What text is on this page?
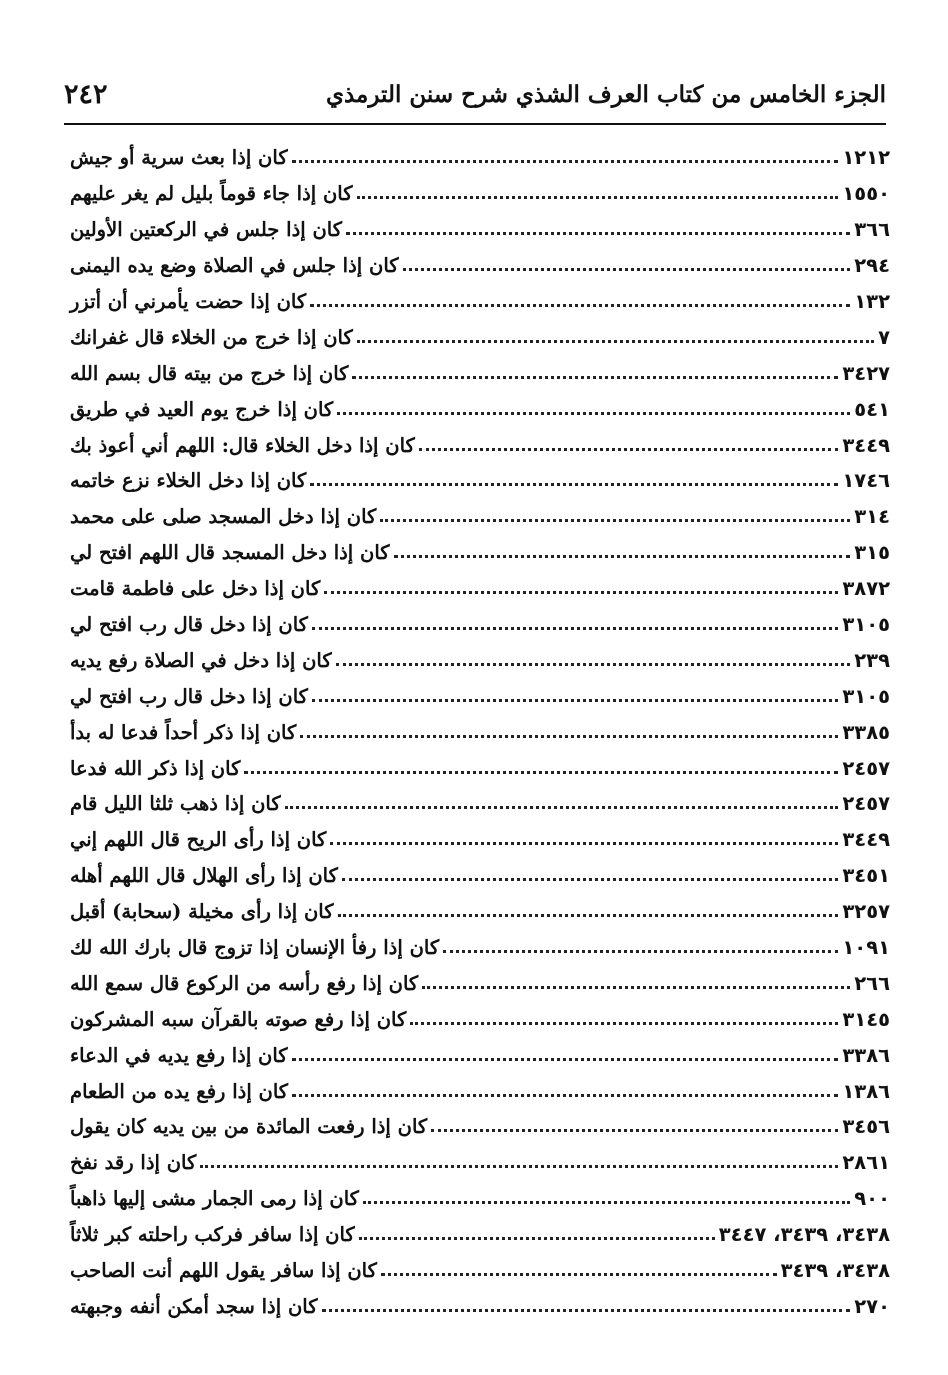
٢٤٢	الجزء الخامس من كتاب العرف الشذي شرح سنن الترمذي
كان إذا بعث سرية أو جيش	١٢١٢
كان إذا جاء قوماً بليل لم يغر عليهم	١٥٥٠
كان إذا جلس في الركعتين الأولين	٣٦٦
كان إذا جلس في الصلاة وضع يده اليمنى	٢٩٤
كان إذا حضت يأمرني أن أتزر	١٣٢
كان إذا خرج من الخلاء قال غفرانك	٧
كان إذا خرج من بيته قال بسم الله	٣٤٢٧
كان إذا خرج يوم العيد في طريق	٥٤١
كان إذا دخل الخلاء قال: اللهم أني أعوذ بك	٣٤٤٩
كان إذا دخل الخلاء نزع خاتمه	١٧٤٦
كان إذا دخل المسجد صلى على محمد	٣١٤
كان إذا دخل المسجد قال اللهم افتح لي	٣١٥
كان إذا دخل على فاطمة قامت	٣٨٧٢
كان إذا دخل قال رب افتح لي	٣١٠٥
كان إذا دخل في الصلاة رفع يديه	٢٣٩
كان إذا دخل قال رب افتح لي	٣١٠٥
كان إذا ذكر أحداً فدعا له بدأ	٣٣٨٥
كان إذا ذكر الله فدعا	٢٤٥٧
كان إذا ذهب ثلثا الليل قام	٢٤٥٧
كان إذا رأى الريح قال اللهم إني	٣٤٤٩
كان إذا رأى الهلال قال اللهم أهله	٣٤٥١
كان إذا رأى مخيلة (سحابة) أقبل	٣٢٥٧
كان إذا رفأ الإنسان إذا تزوج قال بارك الله لك	١٠٩١
كان إذا رفع رأسه من الركوع قال سمع الله	٢٦٦
كان إذا رفع صوته بالقرآن سبه المشركون	٣١٤٥
كان إذا رفع يديه في الدعاء	٣٣٨٦
كان إذا رفع يده من الطعام	١٣٨٦
كان إذا رفعت المائدة من بين يديه كان يقول	٣٤٥٦
كان إذا رقد نفخ	٢٨٦١
كان إذا رمى الجمار مشى إليها ذاهباً	٩٠٠
كان إذا سافر فركب راحلته كبر ثلاثاً	٣٤٣٨، ٣٤٣٩، ٣٤٤٧
كان إذا سافر يقول اللهم أنت الصاحب	٣٤٣٨، ٣٤٣٩
كان إذا سجد أمكن أنفه وجبهته	٢٧٠
